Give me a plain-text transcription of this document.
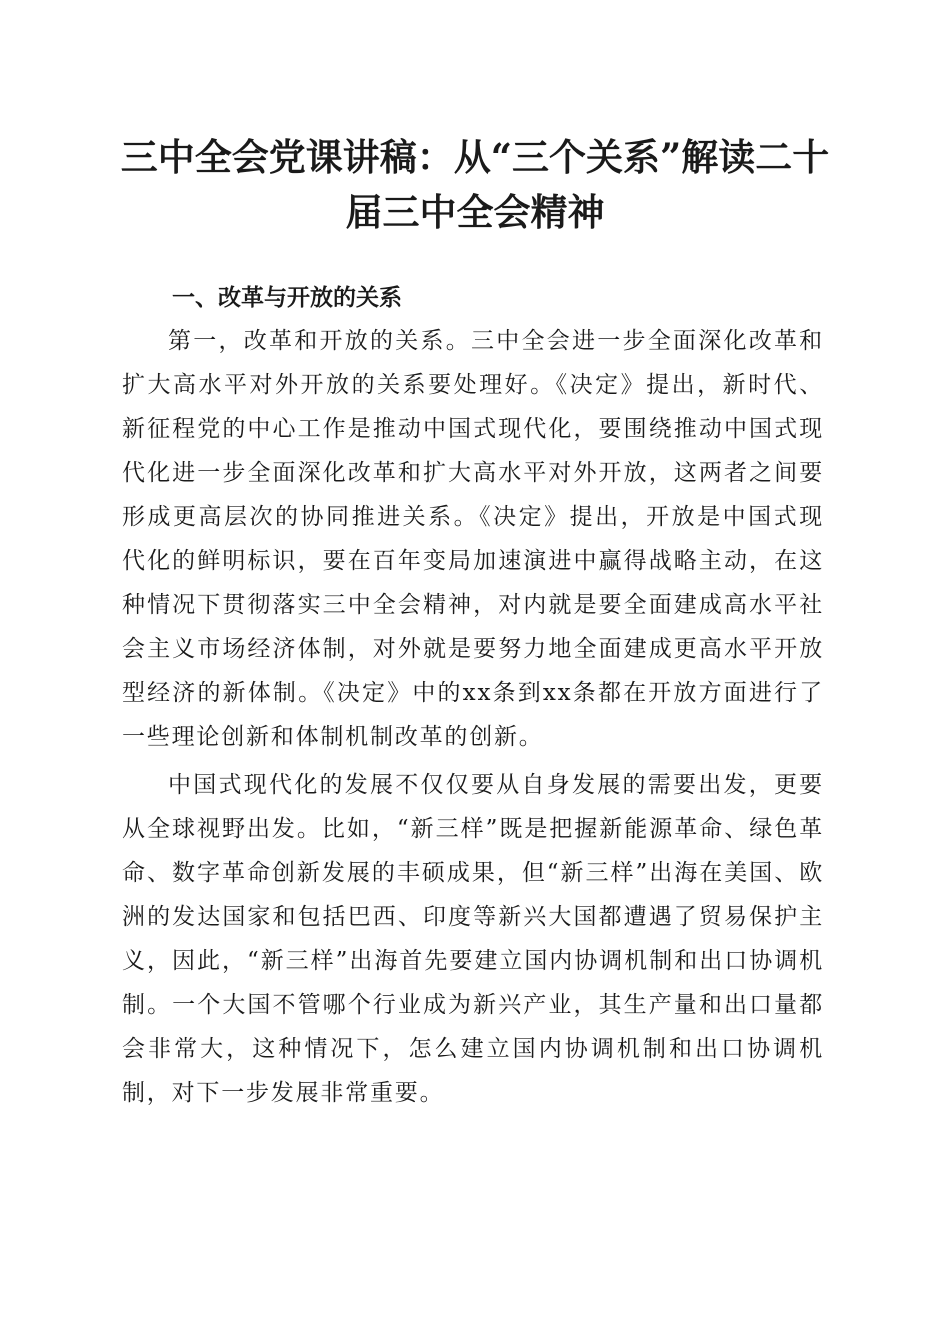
三中全会党课讲稿：从“三个关系”解读二十届三中全会精神
一、改革与开放的关系

第一，改革和开放的关系。三中全会进一步全面深化改革和扩大高水平对外开放的关系要处理好。《决定》提出，新时代、新征程党的中心工作是推动中国式现代化，要围绕推动中国式现代化进一步全面深化改革和扩大高水平对外开放，这两者之间要形成更高层次的协同推进关系。《决定》提出，开放是中国式现代化的鲜明标识，要在百年变局加速演进中赢得战略主动，在这种情况下贯彻落实三中全会精神，对内就是要全面建成高水平社会主义市场经济体制，对外就是要努力地全面建成更高水平开放型经济的新体制。《决定》中的xx条到xx条都在开放方面进行了一些理论创新和体制机制改革的创新。

中国式现代化的发展不仅仅要从自身发展的需要出发，更要从全球视野出发。比如，“新三样”既是把握新能源革命、绿色革命、数字革命创新发展的丰硕成果，但“新三样”出海在美国、欧洲的发达国家和包括巴西、印度等新兴大国都遭遇了贸易保护主义，因此，“新三样”出海首先要建立国内协调机制和出口协调机制。一个大国不管哪个行业成为新兴产业，其生产量和出口量都会非常大，这种情况下，怎么建立国内协调机制和出口协调机制，对下一步发展非常重要。
